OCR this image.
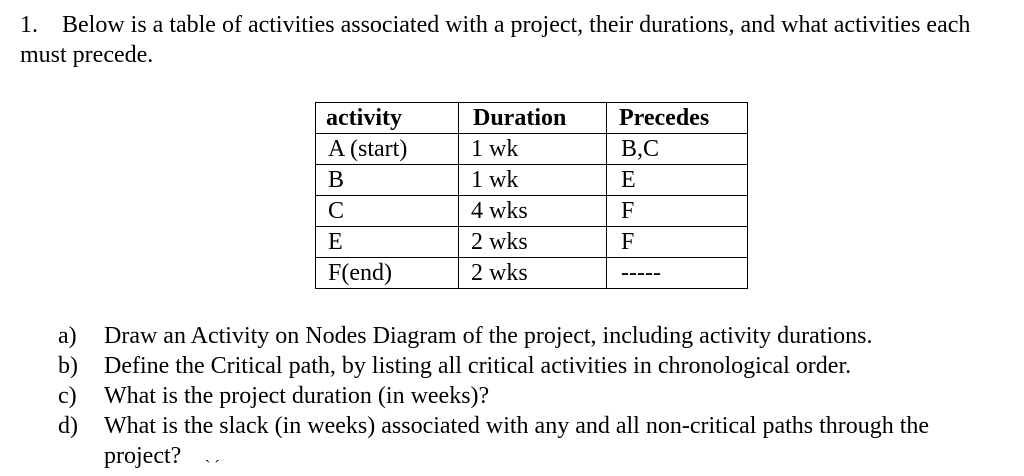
1. Below is a table of activities associated with a project, their durations, and what activities each must precede.
activity	Duration	Precedes
A (start)	1 wk	B,C
B	1 wk	E
C	4 wks	F
E	2 wks	F
F(end)	2 wks	-----
a)	Draw an Activity on Nodes Diagram of the project, including activity durations.
b)	Define the Critical path, by listing all critical activities in chronological order.
c)	What is the project duration (in weeks)?
d)	What is the slack (in weeks) associated with any and all non-critical paths through the project?	` ´
